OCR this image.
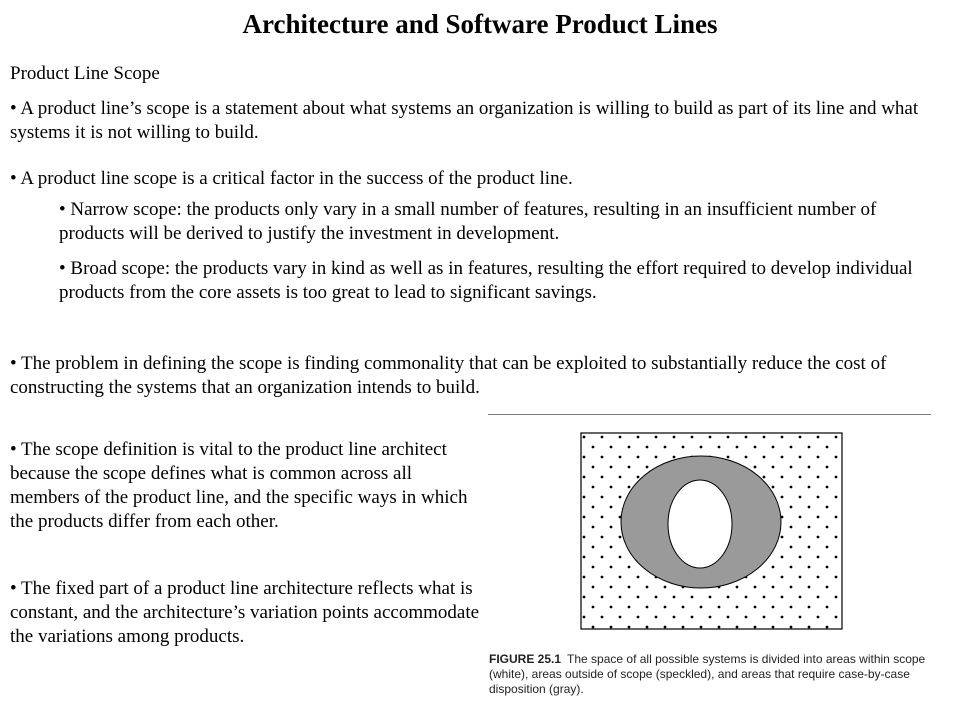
Architecture and Software Product Lines
Product Line Scope
• A product line’s scope is a statement about what systems an organization is willing to build as part of its line and what systems it is not willing to build.
• A product line scope is a critical factor in the success of the product line.
• Narrow scope: the products only vary in a small number of features, resulting in an insufficient number of products will be derived to justify the investment in development.
• Broad scope: the products vary in kind as well as in features, resulting the effort required to develop individual products from the core assets is too great to lead to significant savings.
• The problem in defining the scope is finding commonality that can be exploited to substantially reduce the cost of constructing the systems that an organization intends to build.
• The scope definition is vital to the product line architect because the scope defines what is common across all members of the product line, and the specific ways in which the products differ from each other.
• The fixed part of a product line architecture reflects what is constant, and the architecture’s variation points accommodate the variations among products.
FIGURE 25.1 The space of all possible systems is divided into areas within scope (white), areas outside of scope (speckled), and areas that require case-by-case disposition (gray).
